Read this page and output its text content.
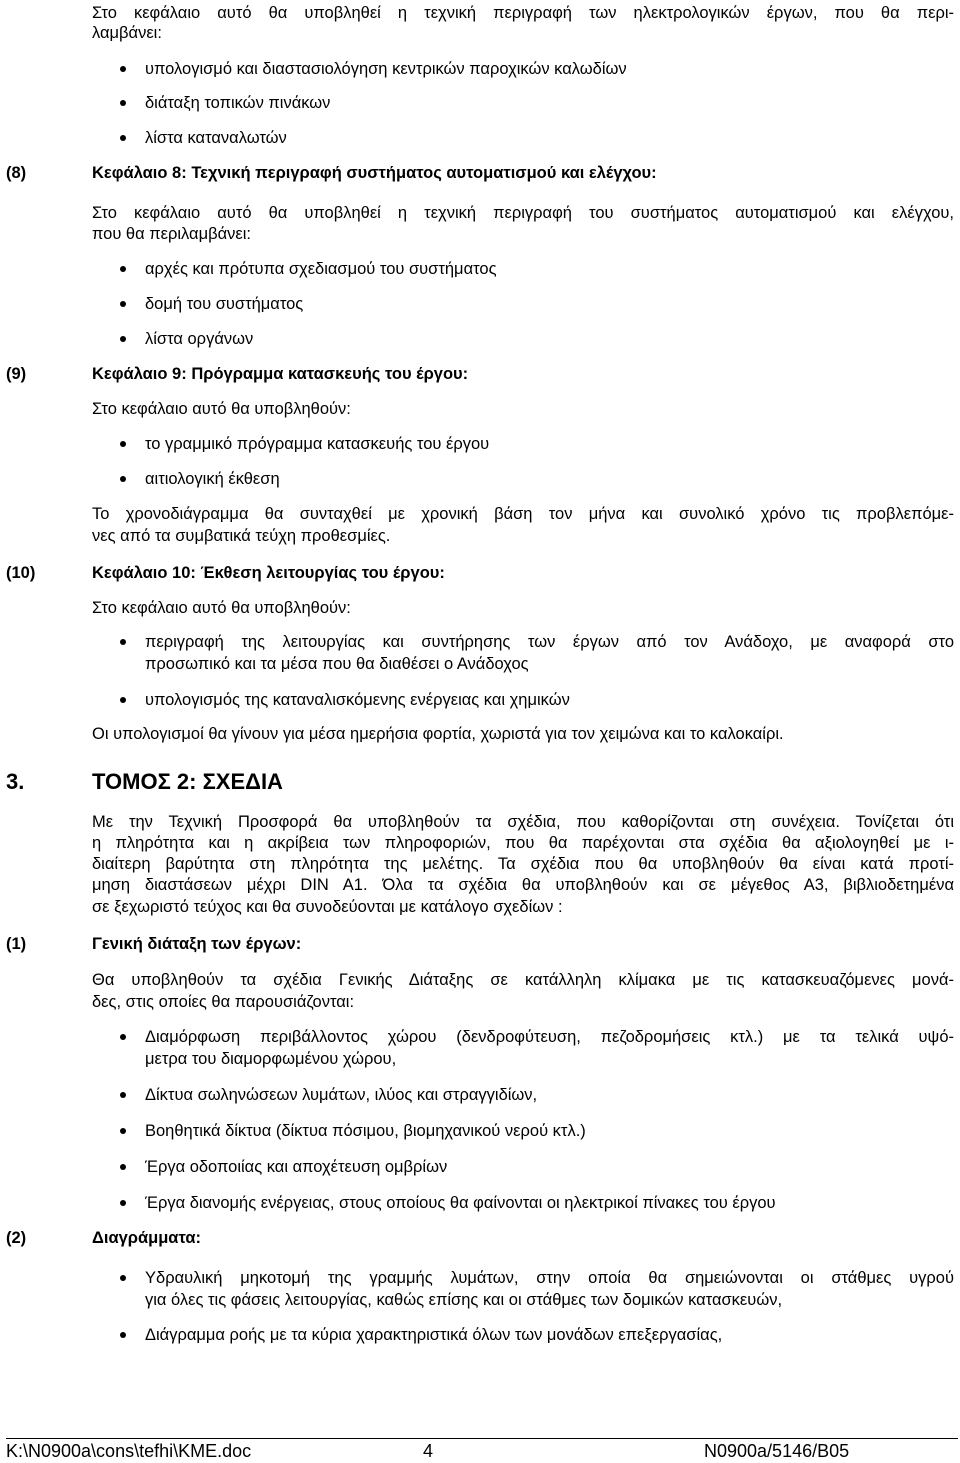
Στο κεφάλαιο αυτό θα υποβληθεί η τεχνική περιγραφή των ηλεκτρολογικών έργων, που θα περι-
λαμβάνει:
υπολογισμό και διαστασιολόγηση κεντρικών παροχικών καλωδίων
διάταξη τοπικών πινάκων
λίστα καταναλωτών
(8)	Κεφάλαιο 8: Τεχνική περιγραφή συστήματος αυτοματισμού και ελέγχου:
Στο κεφάλαιο αυτό θα υποβληθεί η τεχνική περιγραφή του συστήματος αυτοματισμού και ελέγχου,
που θα περιλαμβάνει:
αρχές και πρότυπα σχεδιασμού του συστήματος
δομή του συστήματος
λίστα οργάνων
(9)	Κεφάλαιο 9: Πρόγραμμα κατασκευής του έργου:
Στο κεφάλαιο αυτό θα υποβληθούν:
το γραμμικό πρόγραμμα κατασκευής του έργου
αιτιολογική έκθεση
Το χρονοδιάγραμμα θα συνταχθεί με χρονική βάση τον μήνα και συνολικό χρόνο τις προβλεπόμε-
νες από τα συμβατικά τεύχη προθεσμίες.
(10)	Κεφάλαιο 10: Έκθεση λειτουργίας του έργου:
Στο κεφάλαιο αυτό θα υποβληθούν:
περιγραφή της λειτουργίας και συντήρησης των έργων από τον Ανάδοχο, με αναφορά στο
προσωπικό και τα μέσα που θα διαθέσει ο Ανάδοχος
υπολογισμός της καταναλισκόμενης ενέργειας και χημικών
Οι υπολογισμοί θα γίνουν για μέσα ημερήσια φορτία, χωριστά για τον χειμώνα και το καλοκαίρι.
3.	ΤΟΜΟΣ 2: ΣΧΕΔΙΑ
Με την Τεχνική Προσφορά θα υποβληθούν τα σχέδια, που καθορίζονται στη συνέχεια. Τονίζεται ότι
η πληρότητα και η ακρίβεια των πληροφοριών, που θα παρέχονται στα σχέδια θα αξιολογηθεί με ι-
διαίτερη βαρύτητα στη πληρότητα της μελέτης. Τα σχέδια που θα υποβληθούν θα είναι κατά προτί-
μηση διαστάσεων μέχρι DIN A1. Όλα τα σχέδια θα υποβληθούν και σε μέγεθος Α3, βιβλιοδετημένα
σε ξεχωριστό τεύχος και θα συνοδεύονται με κατάλογο σχεδίων :
(1)	Γενική διάταξη των έργων:
Θα υποβληθούν τα σχέδια Γενικής Διάταξης σε κατάλληλη κλίμακα με τις κατασκευαζόμενες μονά-
δες, στις οποίες θα παρουσιάζονται:
Διαμόρφωση περιβάλλοντος χώρου (δενδροφύτευση, πεζοδρομήσεις κτλ.) με τα τελικά υψό-
μετρα του διαμορφωμένου χώρου,
Δίκτυα σωληνώσεων λυμάτων, ιλύος και στραγγιδίων,
Βοηθητικά δίκτυα (δίκτυα πόσιμου, βιομηχανικού νερού κτλ.)
Έργα οδοποιίας και αποχέτευση ομβρίων
Έργα διανομής ενέργειας, στους οποίους θα φαίνονται οι ηλεκτρικοί πίνακες του έργου
(2)	Διαγράμματα:
Υδραυλική μηκοτομή της γραμμής λυμάτων, στην οποία θα σημειώνονται οι στάθμες υγρού
για όλες τις φάσεις λειτουργίας, καθώς επίσης και οι στάθμες των δομικών κατασκευών,
Διάγραμμα ροής με τα κύρια χαρακτηριστικά όλων των μονάδων επεξεργασίας,
K:\N0900a\cons\tefhi\KME.doc	4	N0900a/5146/B05
